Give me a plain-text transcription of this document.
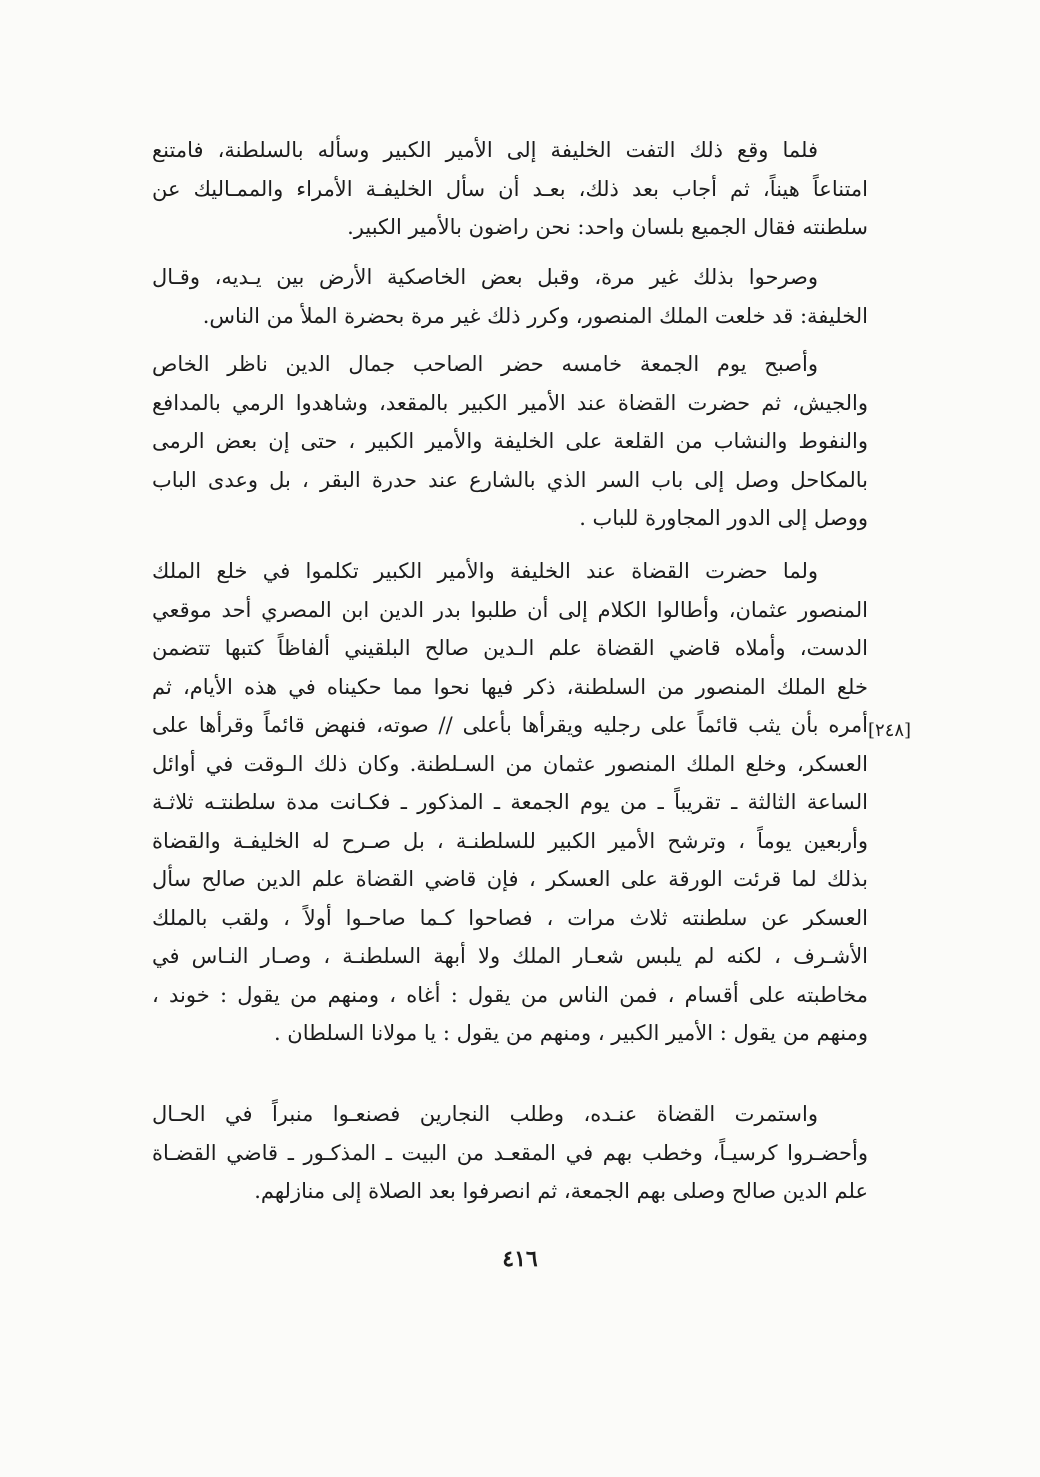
فلما وقع ذلك التفت الخليفة إلى الأمير الكبير وسأله بالسلطنة، فامتنع
امتناعاً هيناً، ثم أجاب بعد ذلك، بعـد أن سأل الخليفـة الأمراء والممـاليك عن
سلطنته فقال الجميع بلسان واحد: نحن راضون بالأمير الكبير.
وصرحوا بذلك غير مرة، وقبل بعض الخاصكية الأرض بين يـديه، وقـال
الخليفة: قد خلعت الملك المنصور، وكرر ذلك غير مرة بحضرة الملأ من الناس.
وأصبح يوم الجمعة خامسه حضر الصاحب جمال الدين ناظر الخاص
والجيش، ثم حضرت القضاة عند الأمير الكبير بالمقعد، وشاهدوا الرمي بالمدافع
والنفوط والنشاب من القلعة على الخليفة والأمير الكبير ، حتى إن بعض الرمى
بالمكاحل وصل إلى باب السر الذي بالشارع عند حدرة البقر ، بل وعدى الباب
ووصل إلى الدور المجاورة للباب .
ولما حضرت القضاة عند الخليفة والأمير الكبير تكلموا في خلع الملك
المنصور عثمان، وأطالوا الكلام إلى أن طلبوا بدر الدين ابن المصري أحد موقعي
الدست، وأملاه قاضي القضاة علم الـدين صالح البلقيني ألفاظاً كتبها تتضمن
خلع الملك المنصور من السلطنة، ذكر فيها نحوا مما حكيناه في هذه الأيام، ثم
أمره بأن يثب قائماً على رجليه ويقرأها بأعلى // صوته، فنهض قائماً وقرأها على
العسكر، وخلع الملك المنصور عثمان من السـلطنة. وكان ذلك الـوقت في أوائل
الساعة الثالثة ـ تقريباً ـ من يوم الجمعة ـ المذكور ـ فكـانت مدة سلطنتـه ثلاثـة
وأربعين يوماً ، وترشح الأمير الكبير للسلطنـة ، بل صـرح له الخليفـة والقضاة
بذلك لما قرئت الورقة على العسكر ، فإن قاضي القضاة علم الدين صالح سأل
العسكر عن سلطنته ثلاث مرات ، فصاحوا كـما صاحـوا أولاً ، ولقب بالملك
الأشـرف ، لكنه لم يلبس شعـار الملك ولا أبهة السلطنـة ، وصـار النـاس في
مخاطبته على أقسام ، فمن الناس من يقول : أغاه ، ومنهم من يقول : خوند ،
ومنهم من يقول : الأمير الكبير ، ومنهم من يقول : يا مولانا السلطان .
[٢٤٨]
واستمرت القضاة عنـده، وطلب النجارين فصنعـوا منبراً في الحـال
وأحضـروا كرسيـاً، وخطب بهم في المقعـد من البيت ـ المذكـور ـ قاضي القضـاة
علم الدين صالح وصلى بهم الجمعة، ثم انصرفوا بعد الصلاة إلى منازلهم.
٤١٦
